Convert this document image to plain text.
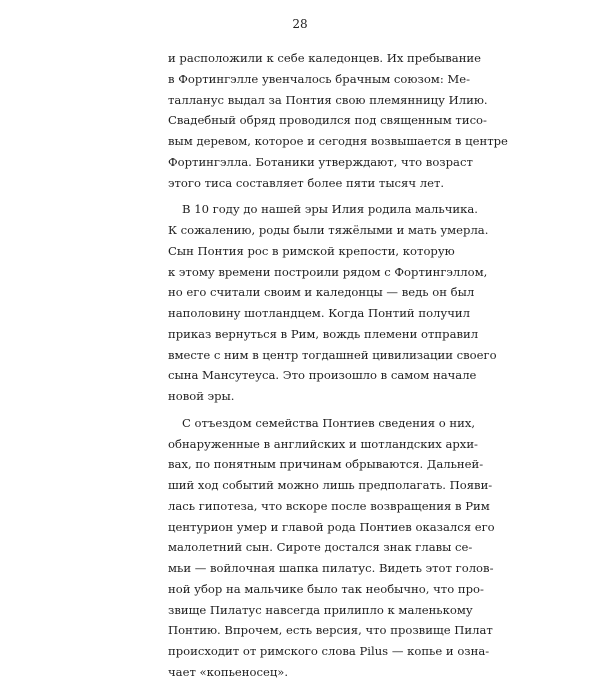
28
и расположили к себе каледонцев. Их пребывание
в Фортингэлле увенчалось брачным союзом: Ме-
талланус выдал за Понтия свою племянницу Илию.
Свадебный обряд проводился под священным тисо-
вым деревом, которое и сегодня возвышается в центре
Фортингэлла. Ботаники утверждают, что возраст
этого тиса составляет более пяти тысяч лет.
В 10 году до нашей эры Илия родила мальчика.
К сожалению, роды были тяжёлыми и мать умерла.
Сын Понтия рос в римской крепости, которую
к этому времени построили рядом с Фортингэллом,
но его считали своим и каледонцы — ведь он был
наполовину шотландцем. Когда Понтий получил
приказ вернуться в Рим, вождь племени отправил
вместе с ним в центр тогдашней цивилизации своего
сына Мансутеуса. Это произошло в самом начале
новой эры.
С отъездом семейства Понтиев сведения о них,
обнаруженные в английских и шотландских архи-
вах, по понятным причинам обрываются. Дальней-
ший ход событий можно лишь предполагать. Появи-
лась гипотеза, что вскоре после возвращения в Рим
центурион умер и главой рода Понтиев оказался его
малолетний сын. Сироте достался знак главы се-
мьи — войлочная шапка пилатус. Видеть этот голов-
ной убор на мальчике было так необычно, что про-
звище Пилатус навсегда прилипло к маленькому
Понтию. Впрочем, есть версия, что прозвище Пилат
происходит от римского слова Pilus — копье и озна-
чает «копьеносец».
